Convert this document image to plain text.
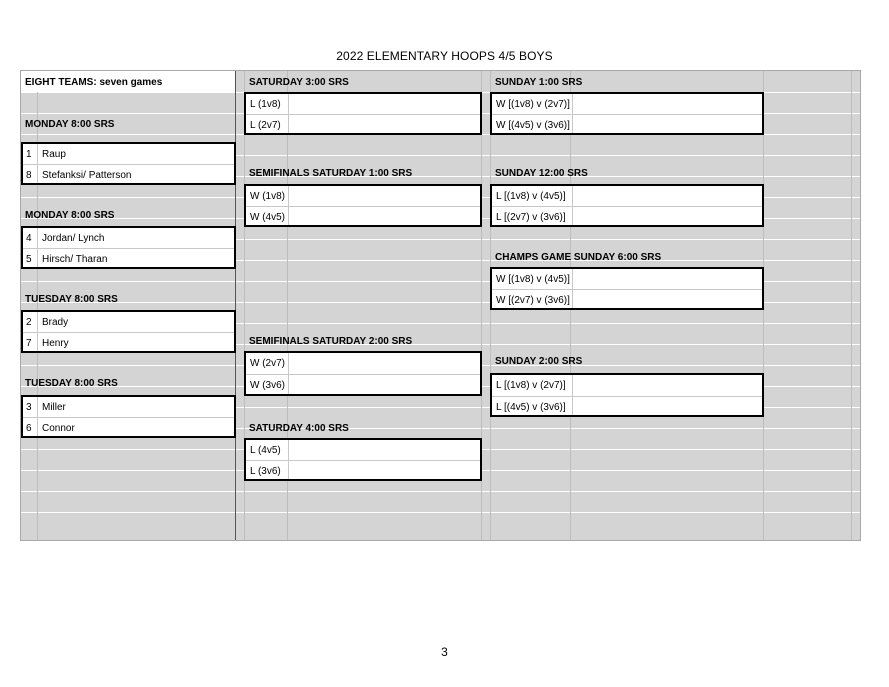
2022 ELEMENTARY HOOPS 4/5 BOYS
EIGHT TEAMS: seven games
MONDAY 8:00 SRS
1 Raup
8 Stefanksi/ Patterson
MONDAY 8:00 SRS
4 Jordan/ Lynch
5 Hirsch/ Tharan
TUESDAY 8:00 SRS
2 Brady
7 Henry
TUESDAY 8:00 SRS
3 Miller
6 Connor
SATURDAY 3:00 SRS
L (1v8)
L (2v7)
SEMIFINALS SATURDAY 1:00 SRS
W (1v8)
W (4v5)
SEMIFINALS SATURDAY 2:00 SRS
W (2v7)
W (3v6)
SATURDAY 4:00 SRS
L (4v5)
L (3v6)
SUNDAY 1:00 SRS
W [(1v8) v (2v7)]
W [(4v5) v (3v6)]
SUNDAY 12:00 SRS
L [(1v8) v (4v5)]
L [(2v7) v (3v6)]
CHAMPS GAME SUNDAY 6:00 SRS
W [(1v8) v (4v5)]
W [(2v7) v (3v6)]
SUNDAY 2:00 SRS
L [(1v8) v (2v7)]
L [(4v5) v (3v6)]
3
